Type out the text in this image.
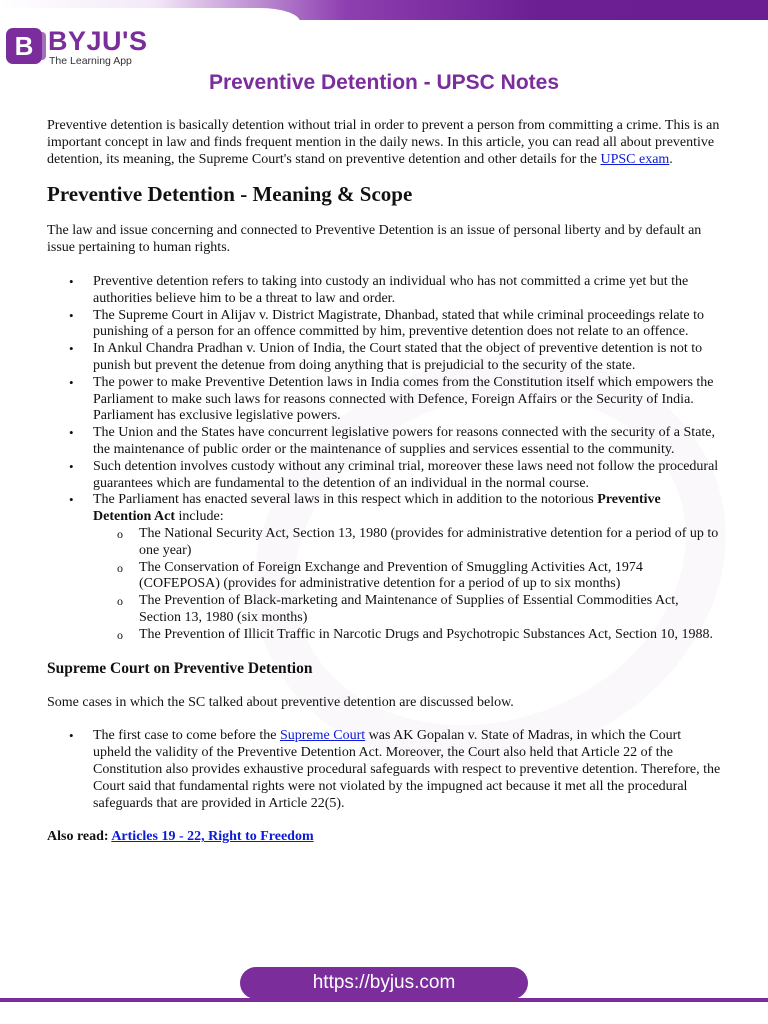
B BYJU'S
The Learning App
Preventive Detention - UPSC Notes

Preventive detention is basically detention without trial in order to prevent a person from committing a crime. This is an important concept in law and finds frequent mention in the daily news. In this article, you can read all about preventive detention, its meaning, the Supreme Court's stand on preventive detention and other details for the UPSC exam.

Preventive Detention - Meaning & Scope

The law and issue concerning and connected to Preventive Detention is an issue of personal liberty and by default an issue pertaining to human rights.

• Preventive detention refers to taking into custody an individual who has not committed a crime yet but the authorities believe him to be a threat to law and order.
• The Supreme Court in Alijav v. District Magistrate, Dhanbad, stated that while criminal proceedings relate to punishing of a person for an offence committed by him, preventive detention does not relate to an offence.
• In Ankul Chandra Pradhan v. Union of India, the Court stated that the object of preventive detention is not to punish but prevent the detenue from doing anything that is prejudicial to the security of the state.
• The power to make Preventive Detention laws in India comes from the Constitution itself which empowers the Parliament to make such laws for reasons connected with Defence, Foreign Affairs or the Security of India. Parliament has exclusive legislative powers.
• The Union and the States have concurrent legislative powers for reasons connected with the security of a State, the maintenance of public order or the maintenance of supplies and services essential to the community.
• Such detention involves custody without any criminal trial, moreover these laws need not follow the procedural guarantees which are fundamental to the detention of an individual in the normal course.
• The Parliament has enacted several laws in this respect which in addition to the notorious Preventive Detention Act include:
o The National Security Act, Section 13, 1980 (provides for administrative detention for a period of up to one year)
o The Conservation of Foreign Exchange and Prevention of Smuggling Activities Act, 1974 (COFEPOSA) (provides for administrative detention for a period of up to six months)
o The Prevention of Black-marketing and Maintenance of Supplies of Essential Commodities Act, Section 13, 1980 (six months)
o The Prevention of Illicit Traffic in Narcotic Drugs and Psychotropic Substances Act, Section 10, 1988.
Supreme Court on Preventive Detention

Some cases in which the SC talked about preventive detention are discussed below.

• The first case to come before the Supreme Court was AK Gopalan v. State of Madras, in which the Court upheld the validity of the Preventive Detention Act. Moreover, the Court also held that Article 22 of the Constitution also provides exhaustive procedural safeguards with respect to preventive detention. Therefore, the Court said that fundamental rights were not violated by the impugned act because it met all the procedural safeguards that are provided in Article 22(5).

Also read: Articles 19 - 22, Right to Freedom

https://byjus.com
